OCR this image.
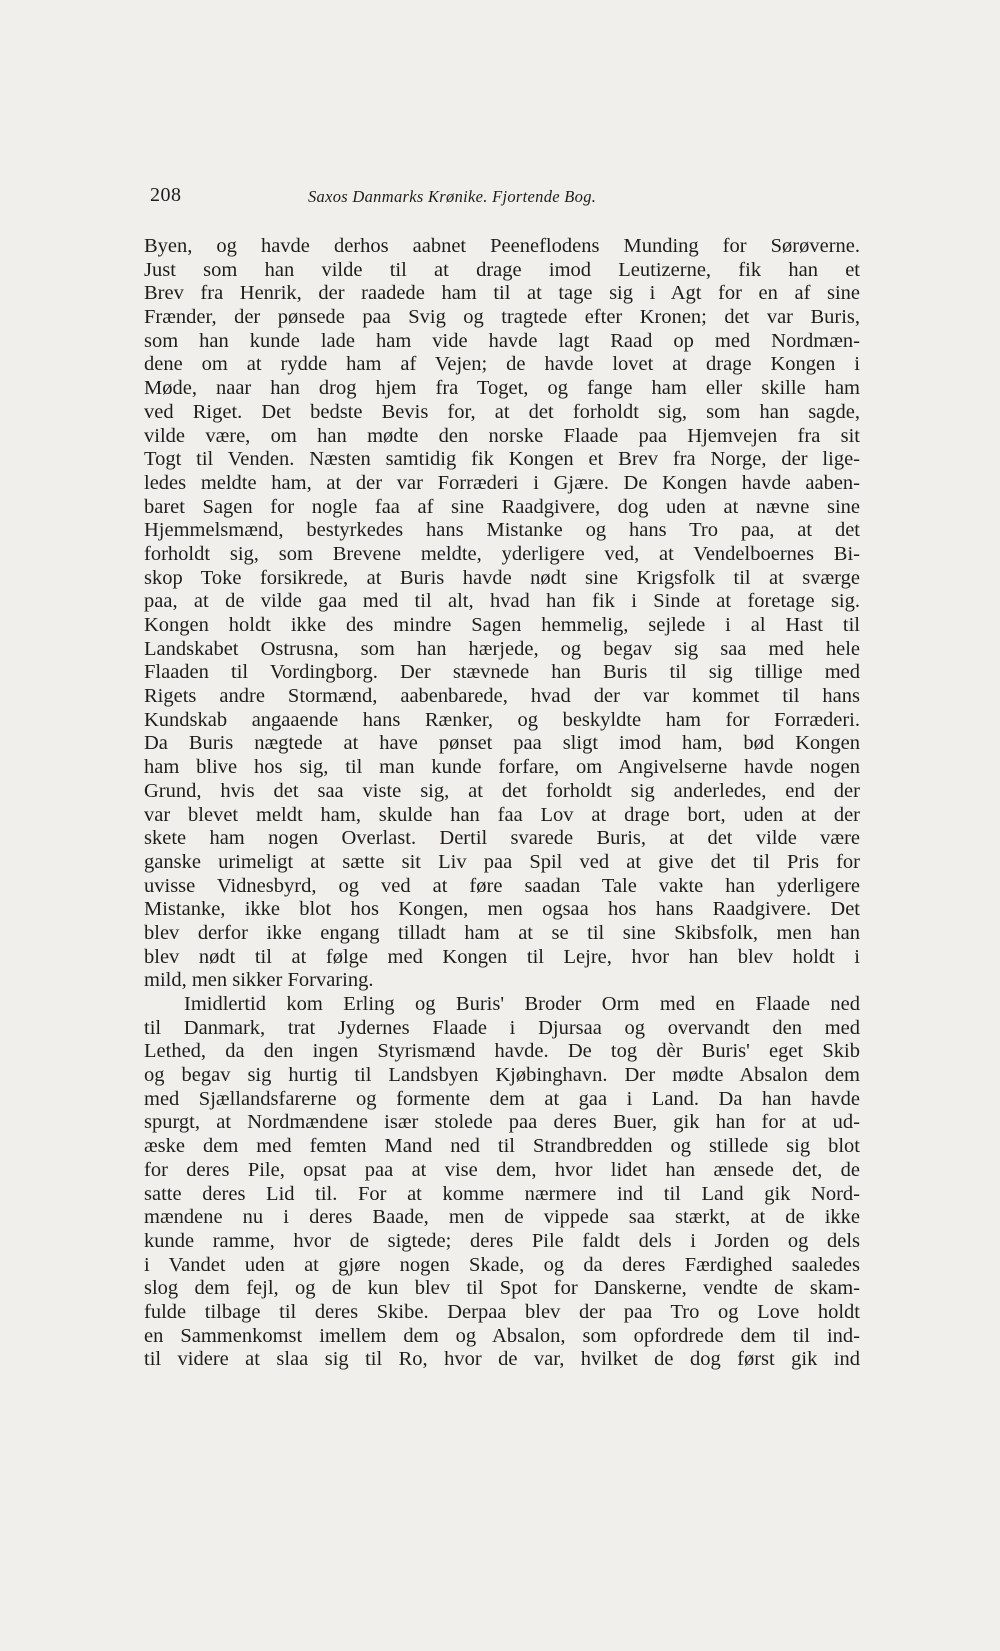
208	Saxos Danmarks Krønike. Fjortende Bog.
Byen, og havde derhos aabnet Peeneflodens Munding for Sørøverne.
Just som han vilde til at drage imod Leutizerne, fik han et
Brev fra Henrik, der raadede ham til at tage sig i Agt for en af sine
Frænder, der pønsede paa Svig og tragtede efter Kronen; det var Buris,
som han kunde lade ham vide havde lagt Raad op med Nordmæn-
dene om at rydde ham af Vejen; de havde lovet at drage Kongen i
Møde, naar han drog hjem fra Toget, og fange ham eller skille ham
ved Riget. Det bedste Bevis for, at det forholdt sig, som han sagde,
vilde være, om han mødte den norske Flaade paa Hjemvejen fra sit
Togt til Venden. Næsten samtidig fik Kongen et Brev fra Norge, der lige-
ledes meldte ham, at der var Forræderi i Gjære. De Kongen havde aaben-
baret Sagen for nogle faa af sine Raadgivere, dog uden at nævne sine
Hjemmelsmænd, bestyrkedes hans Mistanke og hans Tro paa, at det
forholdt sig, som Brevene meldte, yderligere ved, at Vendelboernes Bi-
skop Toke forsikrede, at Buris havde nødt sine Krigsfolk til at sværge
paa, at de vilde gaa med til alt, hvad han fik i Sinde at foretage sig.
Kongen holdt ikke des mindre Sagen hemmelig, sejlede i al Hast til
Landskabet Ostrusna, som han hærjede, og begav sig saa med hele
Flaaden til Vordingborg. Der stævnede han Buris til sig tillige med
Rigets andre Stormænd, aabenbarede, hvad der var kommet til hans
Kundskab angaaende hans Rænker, og beskyldte ham for Forræderi.
Da Buris nægtede at have pønset paa sligt imod ham, bød Kongen
ham blive hos sig, til man kunde forfare, om Angivelserne havde nogen
Grund, hvis det saa viste sig, at det forholdt sig anderledes, end der
var blevet meldt ham, skulde han faa Lov at drage bort, uden at der
skete ham nogen Overlast. Dertil svarede Buris, at det vilde være
ganske urimeligt at sætte sit Liv paa Spil ved at give det til Pris for
uvisse Vidnesbyrd, og ved at føre saadan Tale vakte han yderligere
Mistanke, ikke blot hos Kongen, men ogsaa hos hans Raadgivere. Det
blev derfor ikke engang tilladt ham at se til sine Skibsfolk, men han
blev nødt til at følge med Kongen til Lejre, hvor han blev holdt i
mild, men sikker Forvaring.
Imidlertid kom Erling og Buris' Broder Orm med en Flaade ned
til Danmark, trat Jydernes Flaade i Djursaa og overvandt den med
Lethed, da den ingen Styrismænd havde. De tog dèr Buris' eget Skib
og begav sig hurtig til Landsbyen Kjøbinghavn. Der mødte Absalon dem
med Sjællandsfarerne og formente dem at gaa i Land. Da han havde
spurgt, at Nordmændene især stolede paa deres Buer, gik han for at ud-
æske dem med femten Mand ned til Strandbredden og stillede sig blot
for deres Pile, opsat paa at vise dem, hvor lidet han ænsede det, de
satte deres Lid til. For at komme nærmere ind til Land gik Nord-
mændene nu i deres Baade, men de vippede saa stærkt, at de ikke
kunde ramme, hvor de sigtede; deres Pile faldt dels i Jorden og dels
i Vandet uden at gjøre nogen Skade, og da deres Færdighed saaledes
slog dem fejl, og de kun blev til Spot for Danskerne, vendte de skam-
fulde tilbage til deres Skibe. Derpaa blev der paa Tro og Love holdt
en Sammenkomst imellem dem og Absalon, som opfordrede dem til ind-
til videre at slaa sig til Ro, hvor de var, hvilket de dog først gik ind
